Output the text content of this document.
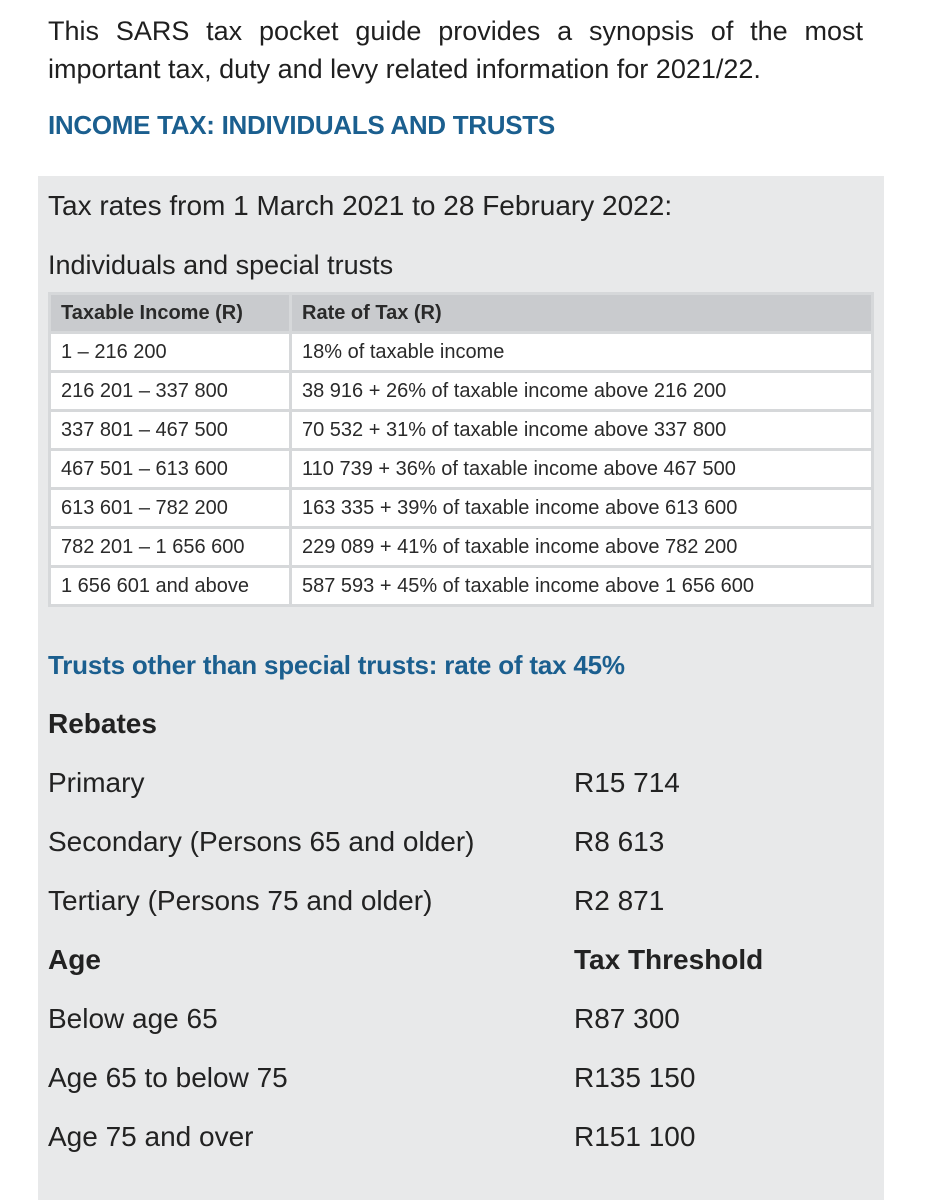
This SARS tax pocket guide provides a synopsis of the most important tax, duty and levy related information for 2021/22.

INCOME TAX: INDIVIDUALS AND TRUSTS

Tax rates from 1 March 2021 to 28 February 2022:

Individuals and special trusts

Taxable Income (R)	Rate of Tax (R)
1 – 216 200	18% of taxable income
216 201 – 337 800	38 916 + 26% of taxable income above 216 200
337 801 – 467 500	70 532 + 31% of taxable income above 337 800
467 501 – 613 600	110 739 + 36% of taxable income above 467 500
613 601 – 782 200	163 335 + 39% of taxable income above 613 600
782 201 – 1 656 600	229 089 + 41% of taxable income above 782 200
1 656 601 and above	587 593 + 45% of taxable income above 1 656 600

Trusts other than special trusts: rate of tax 45%

Rebates

Primary	R15 714

Secondary (Persons 65 and older)	R8 613

Tertiary (Persons 75 and older)	R2 871

Age	Tax Threshold

Below age 65	R87 300

Age 65 to below 75	R135 150

Age 75 and over	R151 100
